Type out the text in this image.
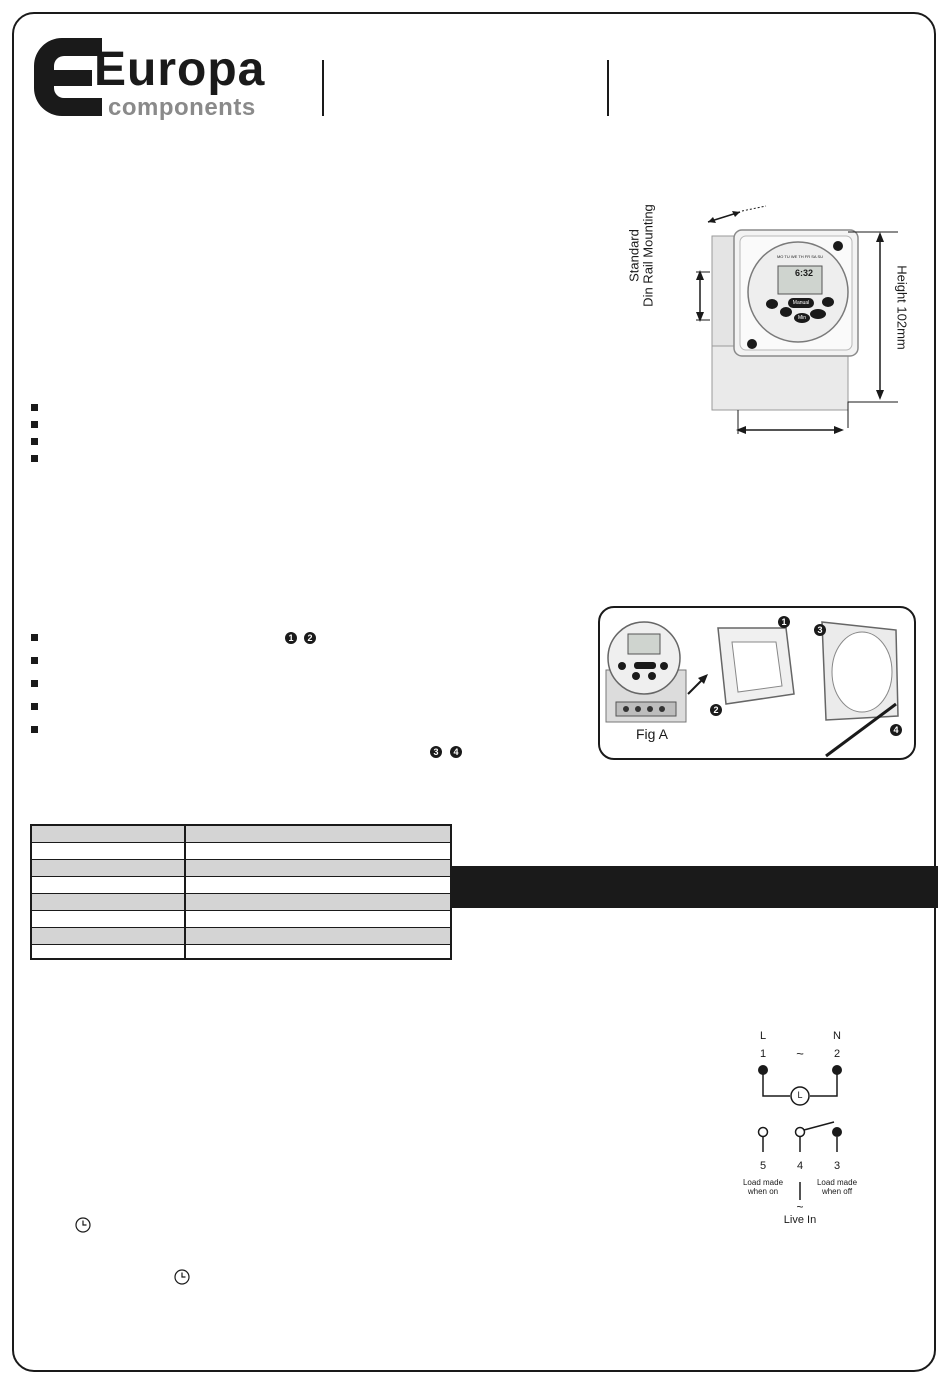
Europa
components
6:32
MO TU WE TH FR SA SU
Manual
Min
Standard Din Rail Mounting
Height 102mm
1	2
3	4
1
2
3
4
Fig A
L	N
1	~	2
L
5	4	3
Load made
when on
Load made
when off
~
Live In
